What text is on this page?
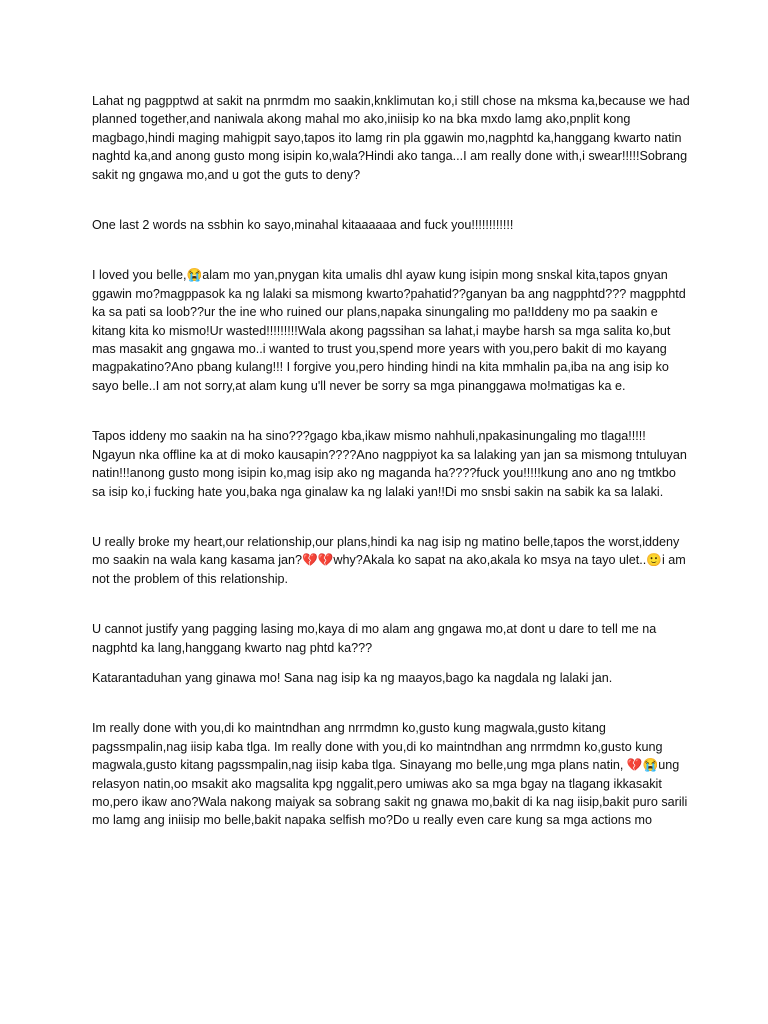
Lahat ng pagpptwd at sakit na pnrmdm mo saakin,knklimutan ko,i still chose na mksma ka,because we had planned together,and naniwala akong mahal mo ako,iniisip ko na bka mxdo lamg ako,pnplit kong magbago,hindi maging mahigpit sayo,tapos ito lamg rin pla ggawin mo,nagphtd ka,hanggang kwarto natin naghtd ka,and anong gusto mong isipin ko,wala?Hindi ako tanga...I am really done with,i swear!!!!!Sobrang sakit ng gngawa mo,and u got the guts to deny?

One last 2 words na ssbhin ko sayo,minahal kitaaaaaa and fuck you!!!!!!!!!!!!

I loved you belle,😭alam mo yan,pnygan kita umalis dhl ayaw kung isipin mong snskal kita,tapos gnyan ggawin mo?magppasok ka ng lalaki sa mismong kwarto?pahatid??ganyan ba ang nagpphtd??? magpphtd ka sa pati sa loob??ur the ine who ruined our plans,napaka sinungaling mo pa!Iddeny mo pa saakin e kitang kita ko mismo!Ur wasted!!!!!!!!!Wala akong pagssihan sa lahat,i maybe harsh sa mga salita ko,but mas masakit ang gngawa mo..i wanted to trust you,spend more years with you,pero bakit di mo kayang magpakatino?Ano pbang kulang!!! I forgive you,pero hinding hindi na kita mmhalin pa,iba na ang isip ko sayo belle..I am not sorry,at alam kung u'll never be sorry sa mga pinanggawa mo!matigas ka e.

Tapos iddeny mo saakin na ha sino???gago kba,ikaw mismo nahhuli,npakasinungaling mo tlaga!!!!! Ngayun nka offline ka at di moko kausapin????Ano nagppiyot ka sa lalaking yan jan sa mismong tntuluyan natin!!!anong gusto mong isipin ko,mag isip ako ng maganda ha????fuck you!!!!!kung ano ano ng tmtkbo sa isip ko,i fucking hate you,baka nga ginalaw ka ng lalaki yan!!Di mo snsbi sakin na sabik ka sa lalaki.

U really broke my heart,our relationship,our plans,hindi ka nag isip ng matino belle,tapos the worst,iddeny mo saakin na wala kang kasama jan?💔💔why?Akala ko sapat na ako,akala ko msya na tayo ulet..🙂i am not the problem of this relationship.

U cannot justify yang pagging lasing mo,kaya di mo alam ang gngawa mo,at dont u dare to tell me na nagphtd ka lang,hanggang kwarto nag phtd ka???

Katarantaduhan yang ginawa mo! Sana nag isip ka ng maayos,bago ka nagdala ng lalaki jan.

Im really done with you,di ko maintndhan ang nrrmdmn ko,gusto kung magwala,gusto kitang pagssmpalin,nag iisip kaba tlga. Im really done with you,di ko maintndhan ang nrrmdmn ko,gusto kung magwala,gusto kitang pagssmpalin,nag iisip kaba tlga. Sinayang mo belle,ung mga plans natin, 💔😭ung relasyon natin,oo msakit ako magsalita kpg nggalit,pero umiwas ako sa mga bgay na tlagang ikkasakit mo,pero ikaw ano?Wala nakong maiyak sa sobrang sakit ng gnawa mo,bakit di ka nag iisip,bakit puro sarili mo lamg ang iniisip mo belle,bakit napaka selfish mo?Do u really even care kung sa mga actions mo
